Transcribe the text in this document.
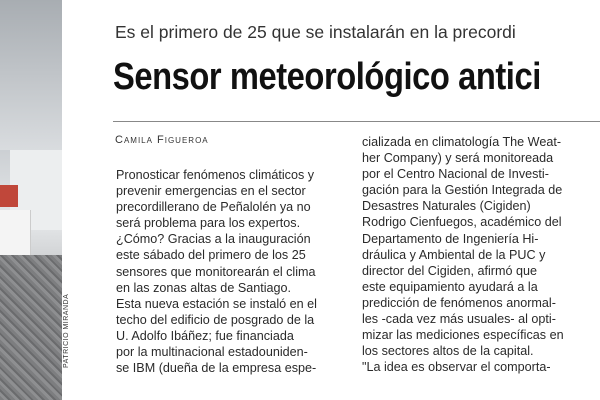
PATRICIO MIRANDA
Es el primero de 25 que se instalarán en la precordi
Sensor meteorológico antici
Camila Figueroa
Pronosticar fenómenos climáticos y
prevenir emergencias en el sector
precordillerano de Peñalolén ya no
será problema para los expertos.
¿Cómo? Gracias a la inauguración
este sábado del primero de los 25
sensores que monitorearán el clima
en las zonas altas de Santiago.
Esta nueva estación se instaló en el
techo del edificio de posgrado de la
U. Adolfo Ibáñez; fue financiada
por la multinacional estadouniden-
se IBM (dueña de la empresa espe-
cializada en climatología The Weat-
her Company) y será monitoreada
por el Centro Nacional de Investi-
gación para la Gestión Integrada de
Desastres Naturales (Cigiden)
Rodrigo Cienfuegos, académico del
Departamento de Ingeniería Hi-
dráulica y Ambiental de la PUC y
director del Cigiden, afirmó que
este equipamiento ayudará a la
predicción de fenómenos anormal-
les -cada vez más usuales- al opti-
mizar las mediciones específicas en
los sectores altos de la capital.
"La idea es observar el comporta-
